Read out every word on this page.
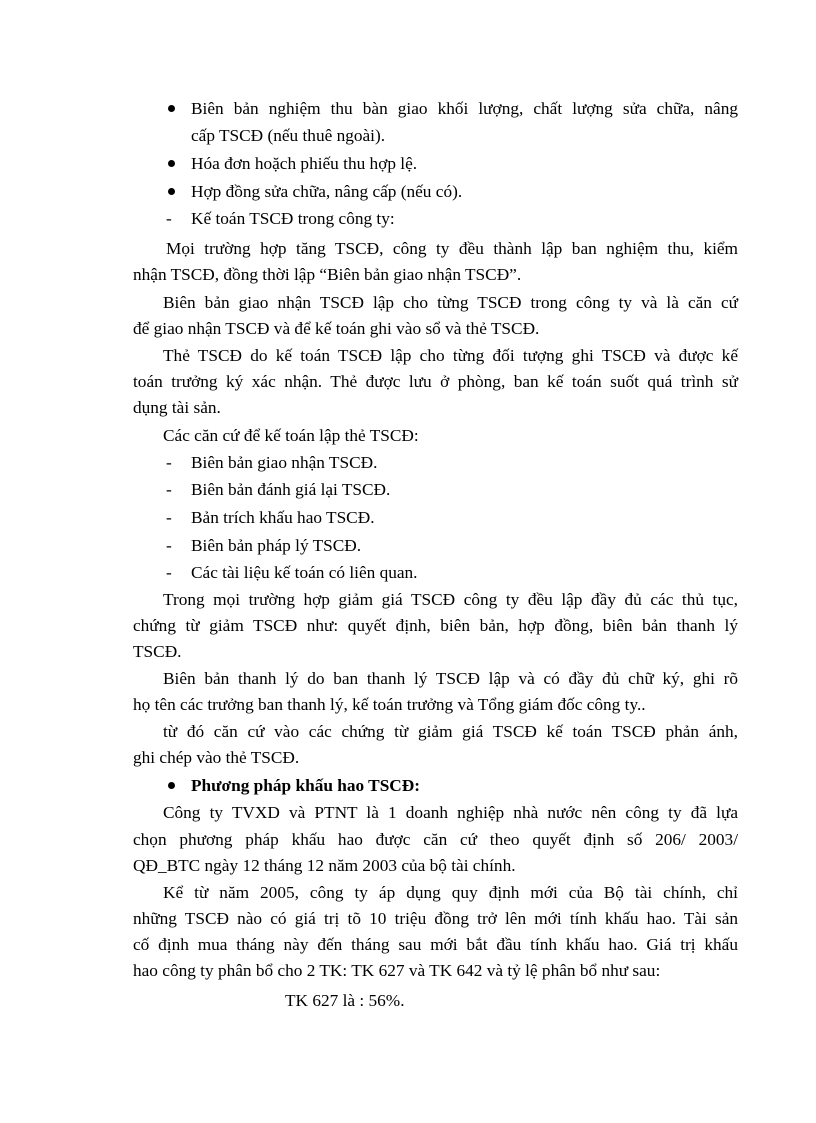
Biên bản nghiệm thu bàn giao khối lượng, chất lượng sửa chữa, nâng
cấp TSCĐ (nếu thuê ngoài).
Hóa đơn hoặch phiếu thu hợp lệ.
Hợp đồng sửa chữa, nâng cấp (nếu có).
- Kế toán TSCĐ trong công ty:
Mọi trường hợp tăng TSCĐ, công ty đều thành lập ban nghiệm thu, kiểm
nhận TSCĐ, đồng thời lập “Biên bản giao nhận TSCĐ”.
Biên bản giao nhận TSCĐ lập cho từng TSCĐ trong công ty và là căn cứ
để giao nhận TSCĐ và để kế toán ghi vào sổ và thẻ TSCĐ.
Thẻ TSCĐ do kế toán TSCĐ lập cho từng đối tượng ghi TSCĐ và được kế
toán trưởng ký xác nhận. Thẻ được lưu ở phòng, ban kế toán suốt quá trình sử
dụng tài sản.
Các căn cứ để kế toán lập thẻ TSCĐ:
- Biên bản giao nhận TSCĐ.
- Biên bản đánh giá lại TSCĐ.
- Bản trích khấu hao TSCĐ.
- Biên bản pháp lý TSCĐ.
- Các tài liệu kế toán có liên quan.
Trong mọi trường hợp giảm giá TSCĐ công ty đều lập đầy đủ các thủ tục,
chứng từ giảm TSCĐ như: quyết định, biên bản, hợp đồng, biên bản thanh lý
TSCĐ.
Biên bản thanh lý do ban thanh lý TSCĐ lập và có đầy đủ chữ ký, ghi rõ
họ tên các trưởng ban thanh lý, kế toán trưởng và Tổng giám đốc công ty..
từ đó căn cứ vào các chứng từ giảm giá TSCĐ kế toán TSCĐ phản ánh,
ghi chép vào thẻ TSCĐ.
Phương pháp khấu hao TSCĐ:
Công ty TVXD và PTNT là 1 doanh nghiệp nhà nước nên công ty đã lựa
chọn phương pháp khấu hao được căn cứ theo quyết định số 206/ 2003/
QĐ_BTC ngày 12 tháng 12 năm 2003 của bộ tài chính.
Kể từ năm 2005, công ty áp dụng quy định mới của Bộ tài chính, chỉ
những TSCĐ nào có giá trị tõ 10 triệu đồng trở lên mới tính khấu hao. Tài sản
cố định mua tháng này đến tháng sau mới bắt đầu tính khấu hao. Giá trị khấu
hao công ty phân bổ cho 2 TK: TK 627 và TK 642 và tỷ lệ phân bổ như sau:
TK 627 là : 56%.
